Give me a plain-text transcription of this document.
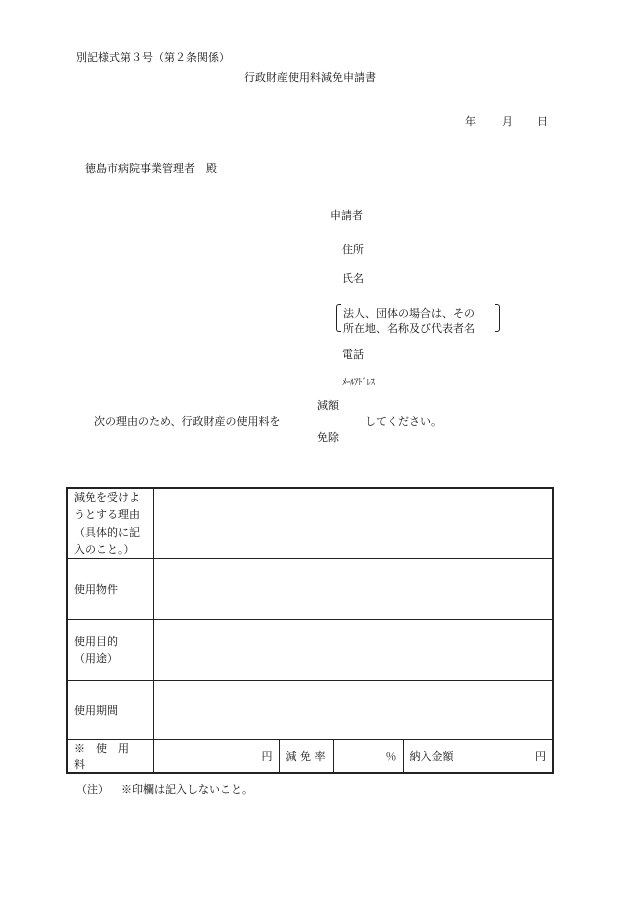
別記様式第３号（第２条関係）
行政財産使用料減免申請書
年 月 日
徳島市病院事業管理者　殿
申請者
住所
氏名
法人、団体の場合は、その
所在地、名称及び代表者名
電話
ﾒｰﾙｱﾄﾞﾚｽ
減額
次の理由のため、行政財産の使用料を	してください。
免除
減免を受けよ
うとする理由
（具体的に記
入のこと。）				

使用物件				

使用目的
（用途）				

使用期間				
※　使　用　料	円	減 免 率	％	納入金額 円
（注） ※印欄は記入しないこと。
